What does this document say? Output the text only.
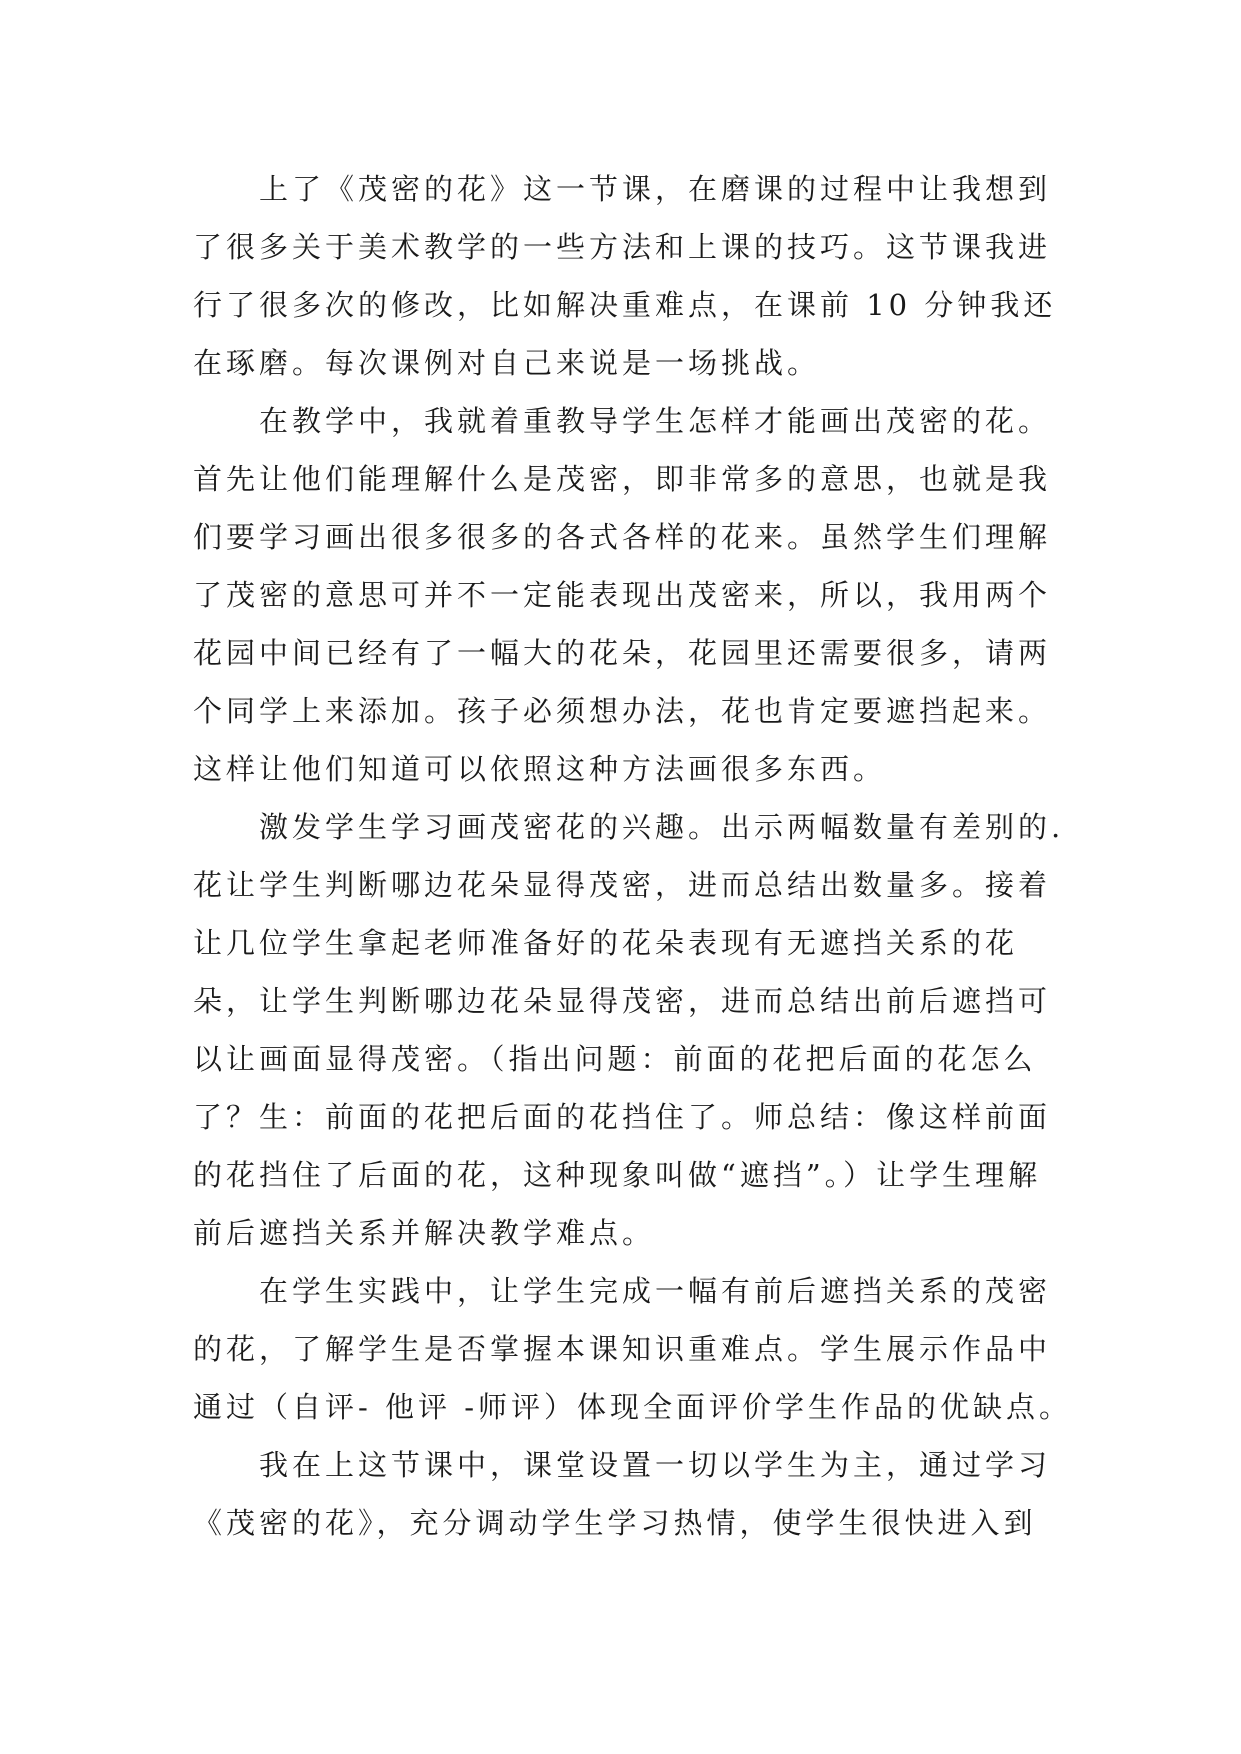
　　上了《茂密的花》这一节课，在磨课的过程中让我想到
了很多关于美术教学的一些方法和上课的技巧。这节课我进
行了很多次的修改，比如解决重难点，在课前 10 分钟我还
在琢磨。每次课例对自己来说是一场挑战。
　　在教学中，我就着重教导学生怎样才能画出茂密的花。
首先让他们能理解什么是茂密，即非常多的意思，也就是我
们要学习画出很多很多的各式各样的花来。虽然学生们理解
了茂密的意思可并不一定能表现出茂密来，所以，我用两个
花园中间已经有了一幅大的花朵，花园里还需要很多，请两
个同学上来添加。孩子必须想办法，花也肯定要遮挡起来。
这样让他们知道可以依照这种方法画很多东西。
　　激发学生学习画茂密花的兴趣。出示两幅数量有差别的.
花让学生判断哪边花朵显得茂密，进而总结出数量多。接着
让几位学生拿起老师准备好的花朵表现有无遮挡关系的花
朵，让学生判断哪边花朵显得茂密，进而总结出前后遮挡可
以让画面显得茂密。（指出问题：前面的花把后面的花怎么
了？生：前面的花把后面的花挡住了。师总结：像这样前面
的花挡住了后面的花，这种现象叫做“遮挡”。）让学生理解
前后遮挡关系并解决教学难点。
　　在学生实践中，让学生完成一幅有前后遮挡关系的茂密
的花，了解学生是否掌握本课知识重难点。学生展示作品中
通过（自评- 他评 -师评）体现全面评价学生作品的优缺点。
　　我在上这节课中，课堂设置一切以学生为主，通过学习
《茂密的花》，充分调动学生学习热情，使学生很快进入到
